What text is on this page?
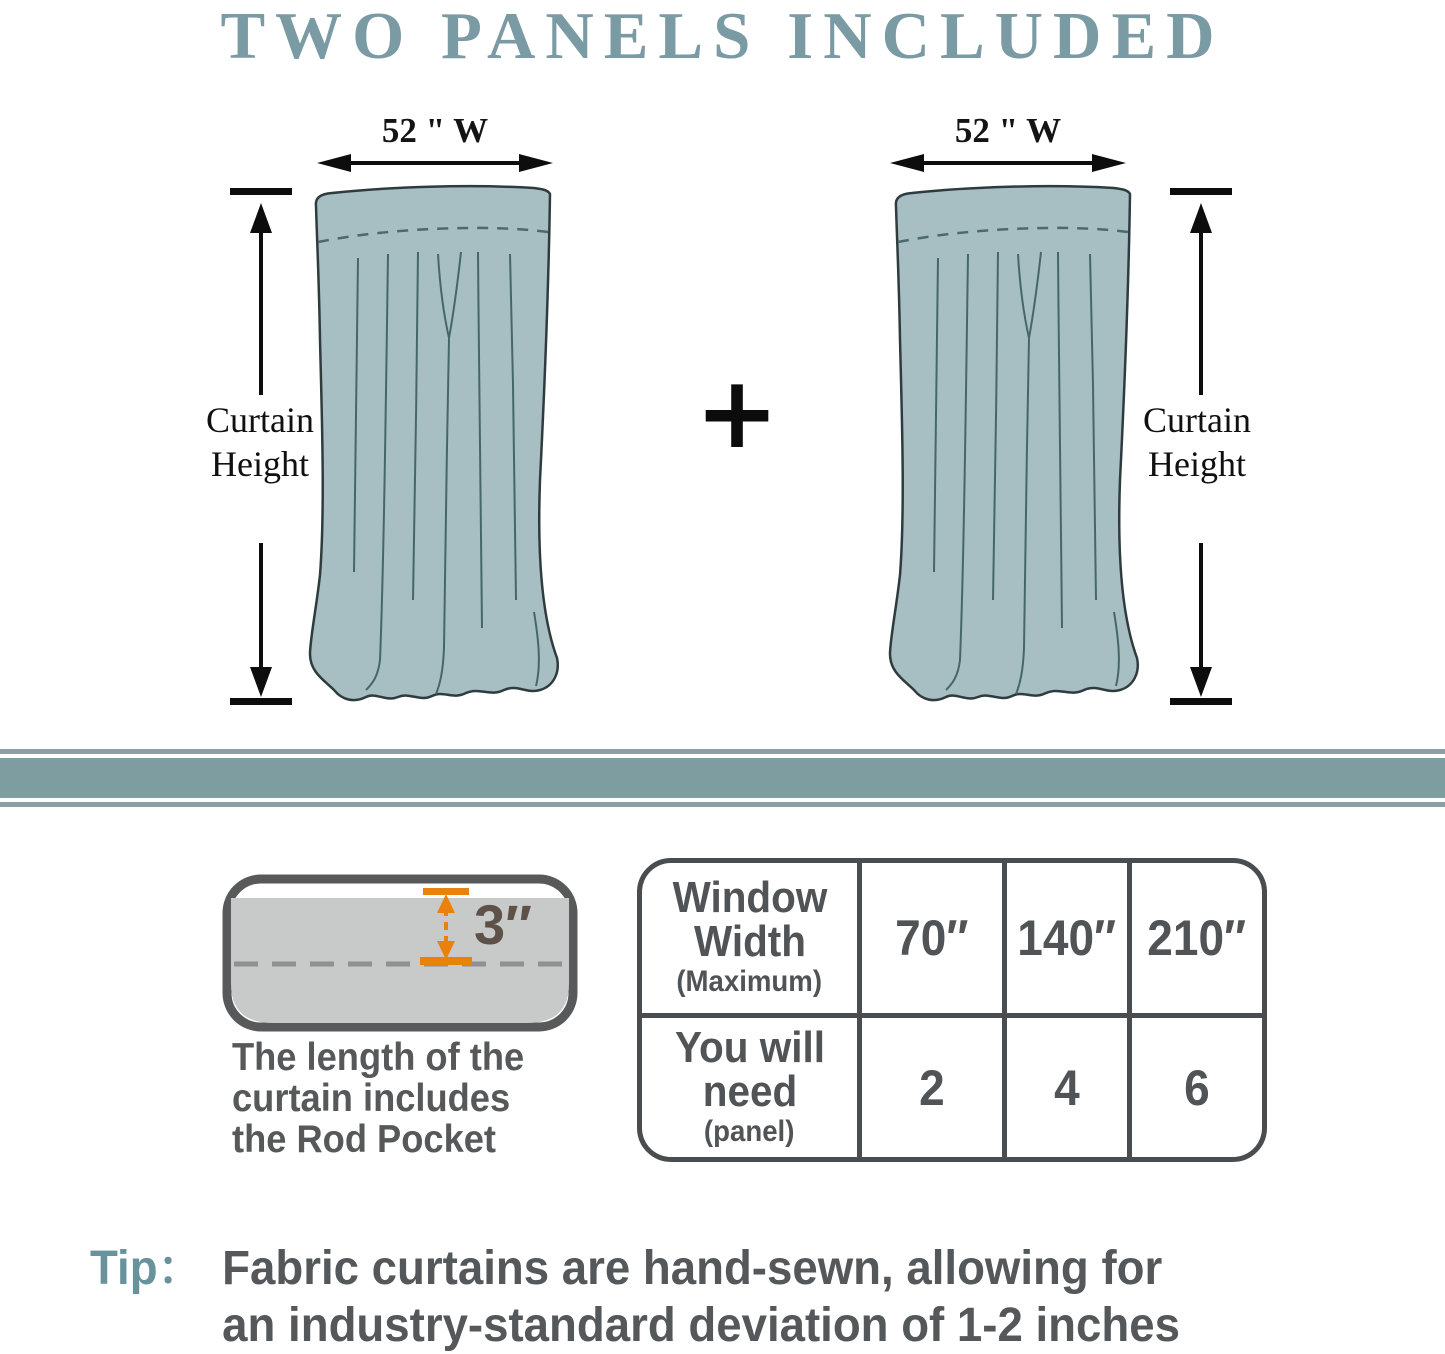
TWO PANELS INCLUDED
52 " W
Curtain
Height	+
52 " W
Curtain
Height
3″
The length of the
curtain includes
the Rod Pocket
Window Width
(Maximum)
70″ 140″ 210″
You will need
(panel)
2 4 6
Tip： Fabric curtains are hand-sewn, allowing for
an industry-standard deviation of 1-2 inches
